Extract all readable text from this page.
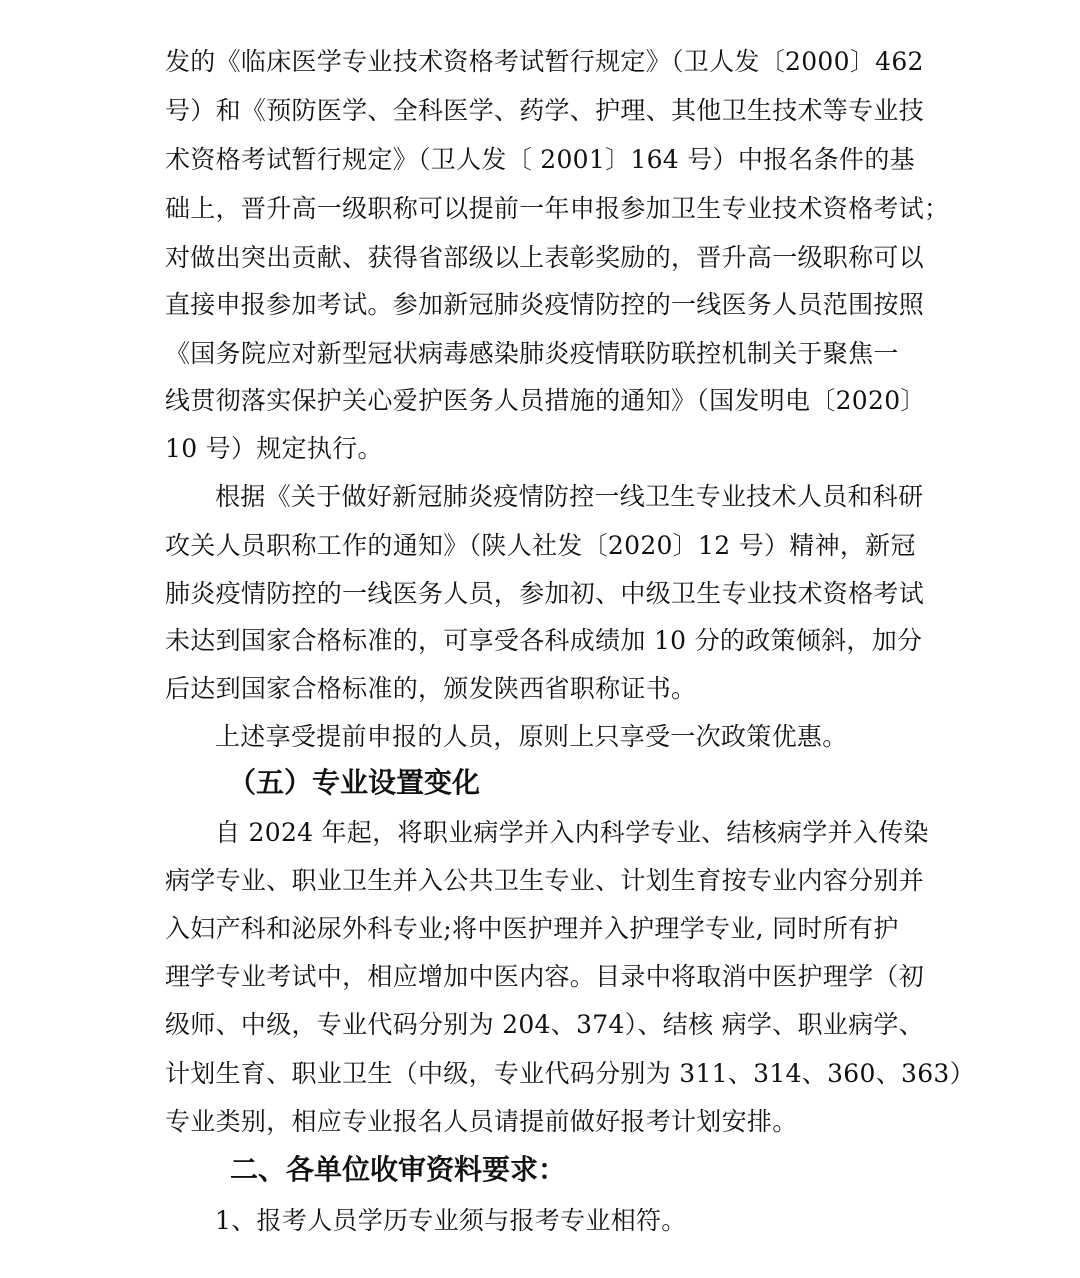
发的《临床医学专业技术资格考试暂行规定》（卫人发〔2000〕462
号）和《预防医学、全科医学、药学、护理、其他卫生技术等专业技
术资格考试暂行规定》（卫人发〔 2001〕164 号）中报名条件的基
础上，晋升高一级职称可以提前一年申报参加卫生专业技术资格考试；
对做出突出贡献、获得省部级以上表彰奖励的，晋升高一级职称可以
直接申报参加考试。参加新冠肺炎疫情防控的一线医务人员范围按照
《国务院应对新型冠状病毒感染肺炎疫情联防联控机制关于聚焦一
线贯彻落实保护关心爱护医务人员措施的通知》（国发明电〔2020〕
10 号）规定执行。
根据《关于做好新冠肺炎疫情防控一线卫生专业技术人员和科研
攻关人员职称工作的通知》（陕人社发〔2020〕12 号）精神，新冠
肺炎疫情防控的一线医务人员，参加初、中级卫生专业技术资格考试
未达到国家合格标准的，可享受各科成绩加 10 分的政策倾斜，加分
后达到国家合格标准的，颁发陕西省职称证书。
上述享受提前申报的人员，原则上只享受一次政策优惠。
（五）专业设置变化
自 2024 年起，将职业病学并入内科学专业、结核病学并入传染
病学专业、职业卫生并入公共卫生专业、计划生育按专业内容分别并
入妇产科和泌尿外科专业;将中医护理并入护理学专业, 同时所有护
理学专业考试中，相应增加中医内容。目录中将取消中医护理学（初
级师、中级，专业代码分别为 204、374）、结核 病学、职业病学、
计划生育、职业卫生（中级，专业代码分别为 311、314、360、363）
专业类别，相应专业报名人员请提前做好报考计划安排。
二、各单位收审资料要求：
1、报考人员学历专业须与报考专业相符。
